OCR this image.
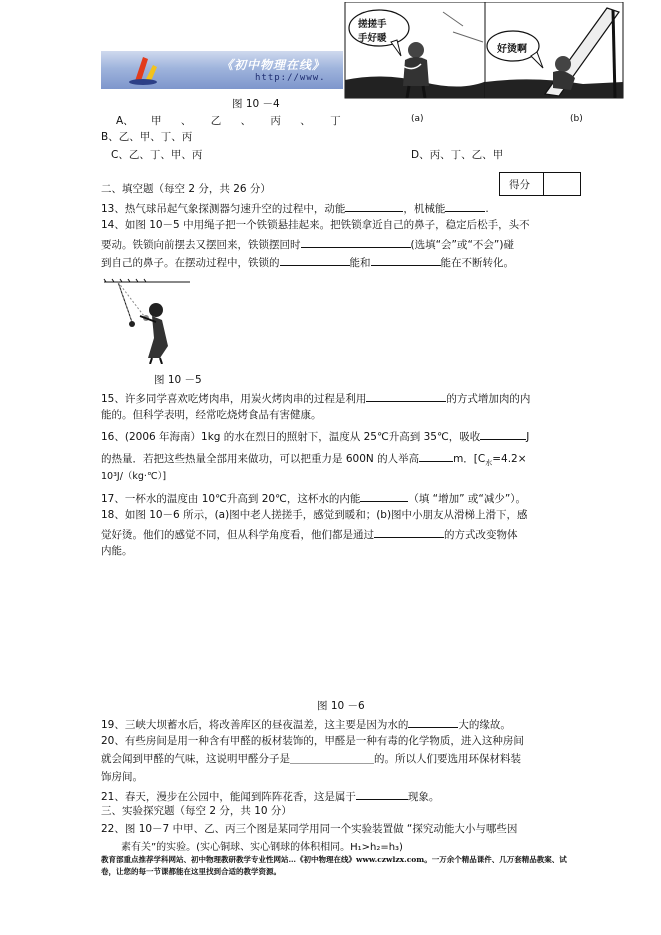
《初中物理在线》
http://www.
搓搓手
手好暖
(a)
好烫啊
(b)
图 10 －4
A、 甲 、 乙 、 丙 、 丁
B、乙、甲、丁、丙
C、乙、丁、甲、丙	D、丙、丁、乙、甲
二、填空题（每空 2 分，共 26 分）	得分
13、热气球吊起气象探测器匀速升空的过程中，动能	，机械能	.
14、如图 10－5 中用绳子把一个铁锁悬挂起来。把铁锁拿近自己的鼻子，稳定后松手，头不
要动。铁锁向前摆去又摆回来，铁锁摆回时	(选填“会”或“不会”)碰
到自己的鼻子。在摆动过程中，铁锁的	能和	能在不断转化。
图 10 －5
15、许多同学喜欢吃烤肉串，用炭火烤肉串的过程是利用	的方式增加肉的内
能的。但科学表明，经常吃烧烤食品有害健康。
16、(2006 年海南）1kg 的水在烈日的照射下，温度从 25℃升高到 35℃，吸收	J
的热量．若把这些热量全部用来做功，可以把重力是 600N 的人举高	m．[$C_水=4.2\times$
10³J/（kg·℃）]
17、一杯水的温度由 10℃升高到 20℃，这杯水的内能	（填 “增加” 或“减少”）。
18、如图 10－6 所示，(a)图中老人搓搓手，感觉到暖和；(b)图中小朋友从滑梯上滑下，感
觉好烫。他们的感觉不同，但从科学角度看，他们都是通过	的方式改变物体
内能。
图 10 －6
19、三峡大坝蓄水后，将改善库区的昼夜温差，这主要是因为水的	大的缘故。
20、有些房间是用一种含有甲醛的板材装饰的，甲醛是一种有毒的化学物质，进入这种房间
就会闻到甲醛的气味，这说明甲醛分子是＿＿＿＿＿＿＿＿的。所以人们要选用环保材料装
饰房间。
21、春天，漫步在公园中，能闻到阵阵花香，这是属于	现象。
三、实验探究题（每空 2 分，共 10 分）
22、图 10－7 中甲、乙、丙三个图是某同学用同一个实验装置做 “探究动能大小与哪些因
素有关”的实验。(实心铜球、实心钢球的体积相同。H₁>h₂=h₃)
教育部重点推荐学科网站、初中物理教研教学专业性网站…《初中物理在线》www.czwlzx.com。一万余个精品课件、几万套精品教案、试卷，让您的每一节课都能在这里找到合适的教学资源。
